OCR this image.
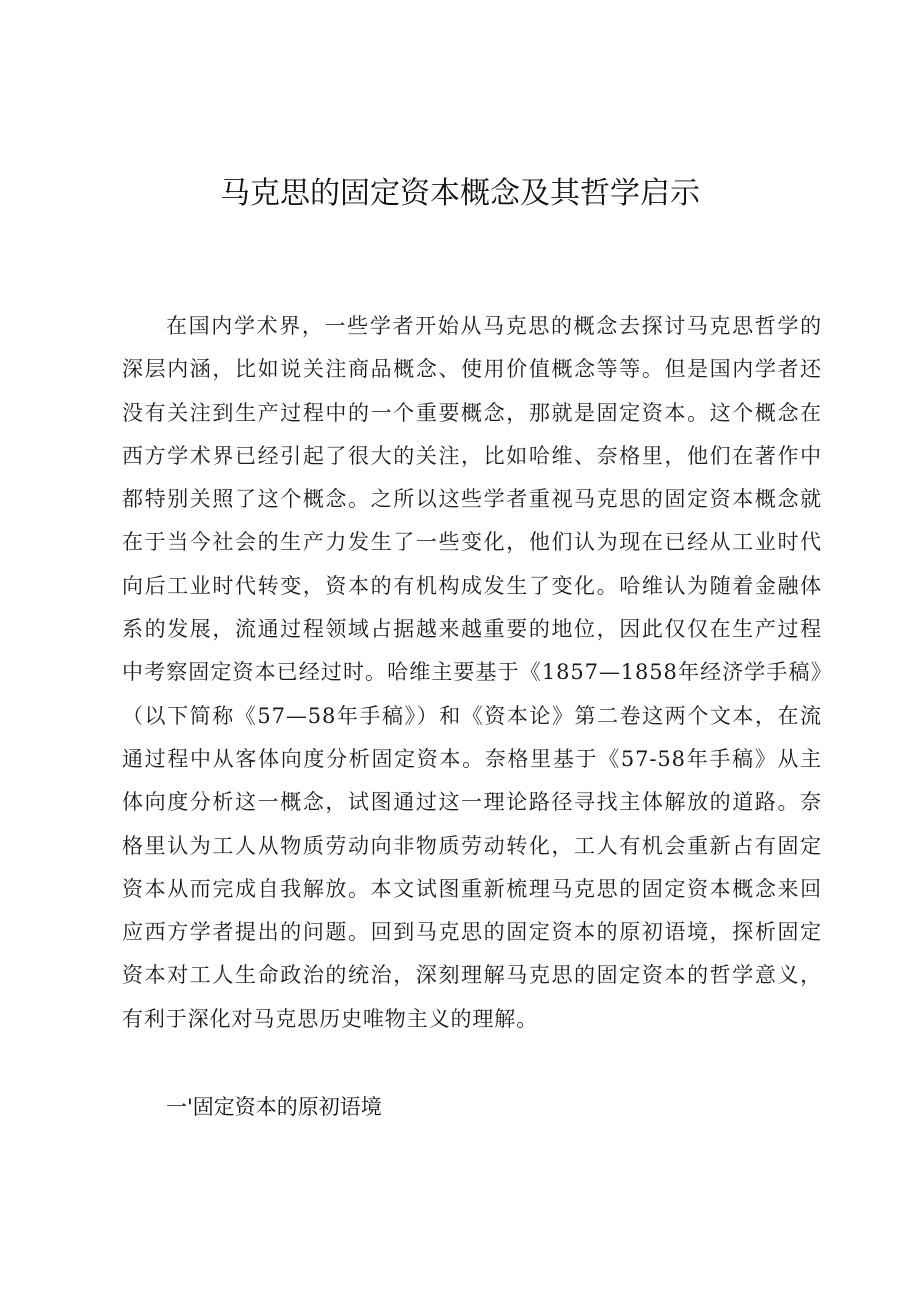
马克思的固定资本概念及其哲学启示

在国内学术界，一些学者开始从马克思的概念去探讨马克思哲学的深层内涵，比如说关注商品概念、使用价值概念等等。但是国内学者还没有关注到生产过程中的一个重要概念，那就是固定资本。这个概念在西方学术界已经引起了很大的关注，比如哈维、奈格里，他们在著作中都特别关照了这个概念。之所以这些学者重视马克思的固定资本概念就在于当今社会的生产力发生了一些变化，他们认为现在已经从工业时代向后工业时代转变，资本的有机构成发生了变化。哈维认为随着金融体系的发展，流通过程领域占据越来越重要的地位，因此仅仅在生产过程中考察固定资本已经过时。哈维主要基于《1857—1858年经济学手稿》（以下简称《57—58年手稿》）和《资本论》第二卷这两个文本，在流通过程中从客体向度分析固定资本。奈格里基于《57-58年手稿》从主体向度分析这一概念，试图通过这一理论路径寻找主体解放的道路。奈格里认为工人从物质劳动向非物质劳动转化，工人有机会重新占有固定资本从而完成自我解放。本文试图重新梳理马克思的固定资本概念来回应西方学者提出的问题。回到马克思的固定资本的原初语境，探析固定资本对工人生命政治的统治，深刻理解马克思的固定资本的哲学意义，有利于深化对马克思历史唯物主义的理解。

一'固定资本的原初语境
